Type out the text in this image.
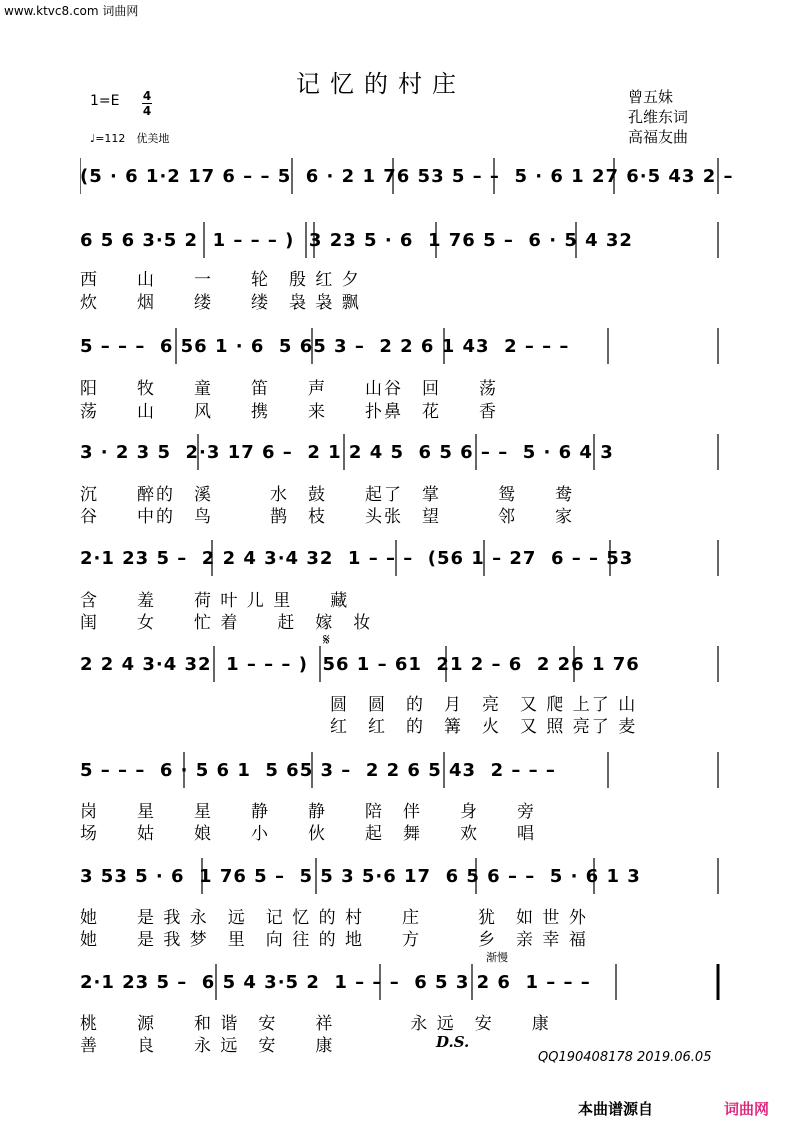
www.ktvc8.com 词曲网
记忆的村庄
1=E 4
4
♩=112　优美地
曾五妹
孔维东词
高福友曲
(5 · 6 1·2 17 6 – – 5  6 · 2 1 76 53 5 – –  5 · 6 1 27 6·5 43 2 –
6 5 6 3·5 2  1 – – – )  3 23 5 · 6  1 76 5 –  6 · 5 4 32
西　　山　　一　　轮　殷 红 夕
炊　　烟　　缕　　缕　袅 袅 飘
5 – – –  6 56 1 · 6  5 65 3 –  2 2 6 1 43  2 – – –
阳　　牧　　童　　笛　　声　　山谷　回　　荡
荡　　山　　风　　携　　来　　扑鼻　花　　香
3 · 2 3 5  2·3 17 6 –  2 1 2 4 5  6 5 6 – –  5 · 6 4 3
沉　　醉的　溪　　　水　鼓　　起了　掌　　　鸳　　鸯
谷　　中的　鸟　　　鹊　枝　　头张　望　　　邻　　家
2·1 23 5 –  2 2 4 3·4 32  1 – – –  (56 1 – 27  6 – – 53
含　　羞　　荷 叶 儿 里　　藏
闺　　女　　忙 着　　赶　嫁　妆
𝄋
2 2 4 3·4 32  1 – – – )  56 1 – 61  21 2 – 6  2 26 1 76
圆　圆　的　月　亮　又 爬 上了 山
红　红　的　篝　火　又 照 亮了 麦
5 – – –  6 · 5 6 1  5 65 3 –  2 2 6 5 43  2 – – –
岗　　星　　星　　静　　静　　陪　伴　　身　　旁
场　　姑　　娘　　小　　伙　　起　舞　　欢　　唱
3 53 5 · 6  1 76 5 –  5 5 3 5·6 17  6 5 6 – –  5 · 6 1 3
她　　是 我 永　远　记 忆 的 村　　庄　　　犹　如 世 外
她　　是 我 梦　里　向 往 的 地　　方　　　乡　亲 幸 福
渐慢
2·1 23 5 –  6 5 4 3·5 2  1 – – –  6 5 3 2 6  1 – – –
桃　　源　　和 谐　安　　祥　　　　永 远　安　　康
善　　良　　永 远　安　　康	D.S.
QQ190408178 2019.06.05
本曲谱源自	词曲网
